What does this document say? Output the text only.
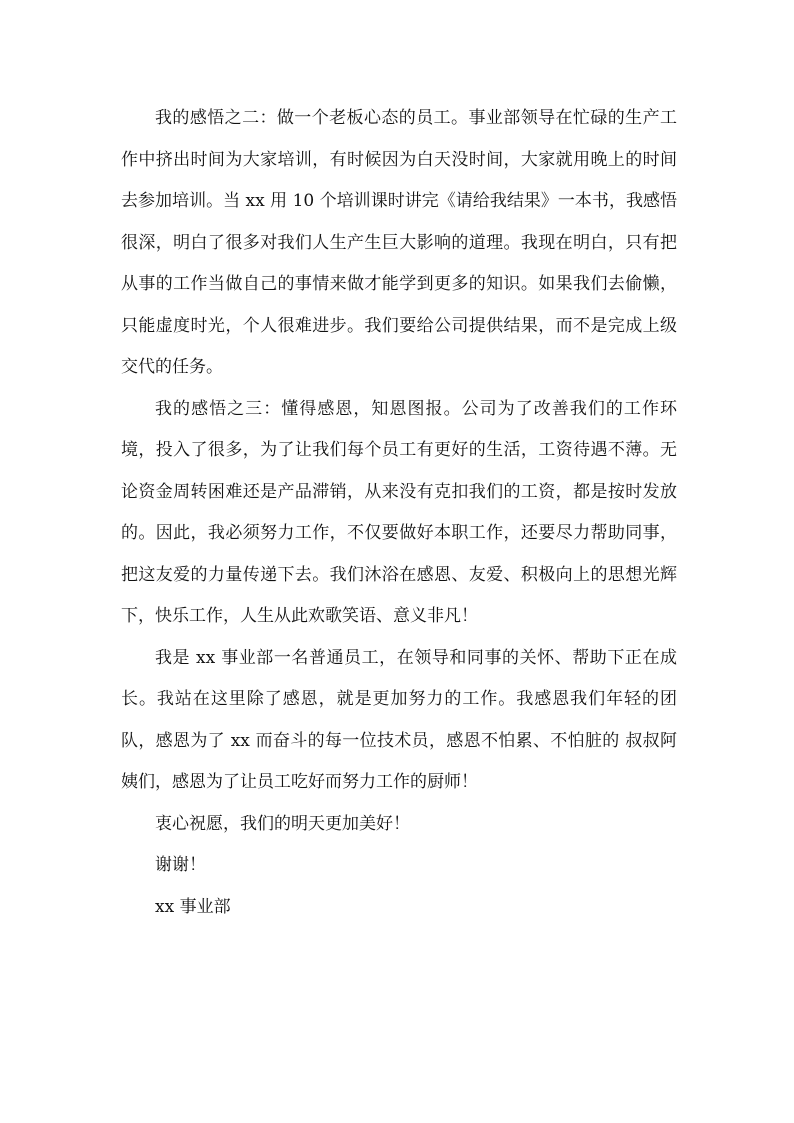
我的感悟之二：做一个老板心态的员工。事业部领导在忙碌的生产工作中挤出时间为大家培训，有时候因为白天没时间，大家就用晚上的时间去参加培训。当 xx 用 10 个培训课时讲完《请给我结果》一本书，我感悟很深，明白了很多对我们人生产生巨大影响的道理。我现在明白，只有把从事的工作当做自己的事情来做才能学到更多的知识。如果我们去偷懒，只能虚度时光，个人很难进步。我们要给公司提供结果，而不是完成上级交代的任务。

我的感悟之三：懂得感恩，知恩图报。公司为了改善我们的工作环境，投入了很多，为了让我们每个员工有更好的生活，工资待遇不薄。无论资金周转困难还是产品滞销，从来没有克扣我们的工资，都是按时发放的。因此，我必须努力工作，不仅要做好本职工作，还要尽力帮助同事，把这友爱的力量传递下去。我们沐浴在感恩、友爱、积极向上的思想光辉下，快乐工作，人生从此欢歌笑语、意义非凡！

我是 xx 事业部一名普通员工，在领导和同事的关怀、帮助下正在成长。我站在这里除了感恩，就是更加努力的工作。我感恩我们年轻的团队，感恩为了 xx 而奋斗的每一位技术员，感恩不怕累、不怕脏的 叔叔阿姨们，感恩为了让员工吃好而努力工作的厨师！

衷心祝愿，我们的明天更加美好！

谢谢！

xx 事业部
